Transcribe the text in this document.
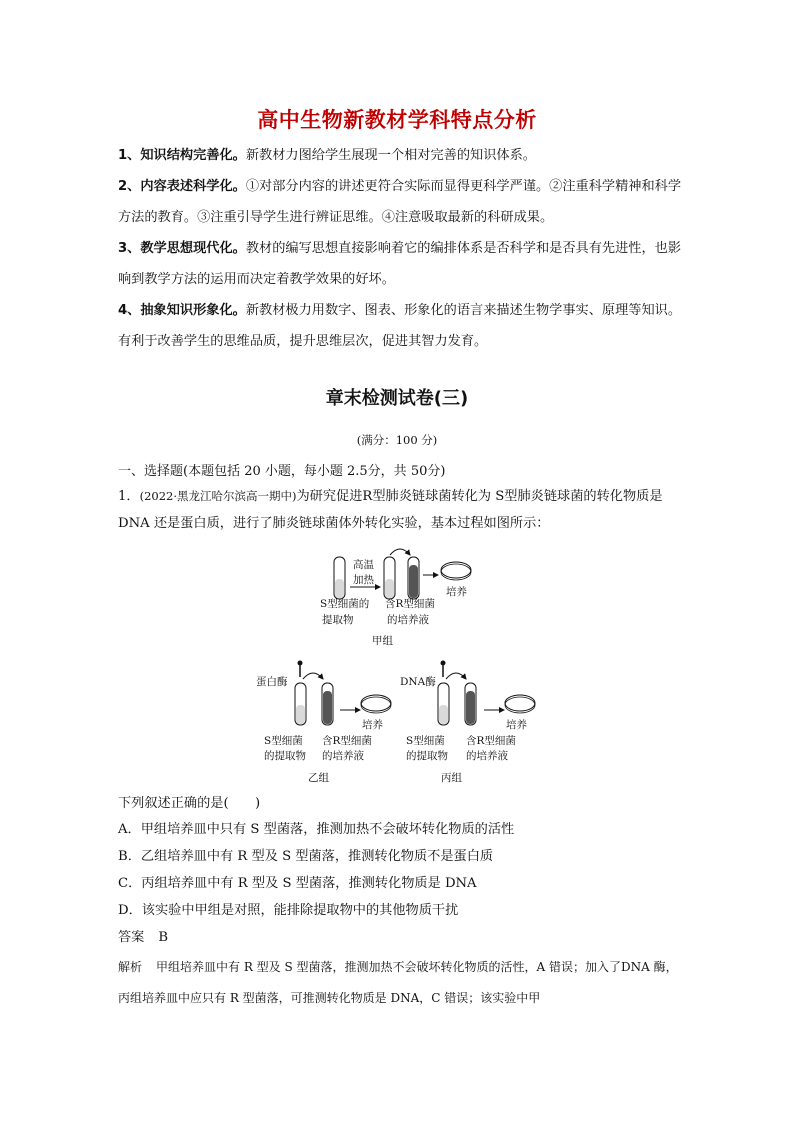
高中生物新教材学科特点分析
1、知识结构完善化。新教材力图给学生展现一个相对完善的知识体系。
2、内容表述科学化。①对部分内容的讲述更符合实际而显得更科学严谨。②注重科学精神和科学方法的教育。③注重引导学生进行辨证思维。④注意吸取最新的科研成果。
3、教学思想现代化。教材的编写思想直接影响着它的编排体系是否科学和是否具有先进性，也影响到教学方法的运用而决定着教学效果的好坏。
4、抽象知识形象化。新教材极力用数字、图表、形象化的语言来描述生物学事实、原理等知识。有利于改善学生的思维品质，提升思维层次，促进其智力发育。
章末检测试卷(三)
(满分：100 分)
一、选择题(本题包括 20 小题，每小题 2.5分，共 50分)
1．(2022·黑龙江哈尔滨高一期中)为研究促进R型肺炎链球菌转化为 S型肺炎链球菌的转化物质是 DNA 还是蛋白质，进行了肺炎链球菌体外转化实验，基本过程如图所示：
高温
加热
培养
S型细菌的
提取物
含R型细菌
的培养液
甲组
蛋白酶
培养
S型细菌
的提取物
含R型细菌
的培养液
乙组
DNA酶
培养
S型细菌
的提取物
含R型细菌
的培养液
丙组
下列叙述正确的是(　　)
A．甲组培养皿中只有 S 型菌落，推测加热不会破坏转化物质的活性
B．乙组培养皿中有 R 型及 S 型菌落，推测转化物质不是蛋白质
C．丙组培养皿中有 R 型及 S 型菌落，推测转化物质是 DNA
D．该实验中甲组是对照，能排除提取物中的其他物质干扰
答案 B
解析 甲组培养皿中有 R 型及 S 型菌落，推测加热不会破坏转化物质的活性，A 错误；加入了DNA 酶，丙组培养皿中应只有 R 型菌落，可推测转化物质是 DNA，C 错误；该实验中甲
